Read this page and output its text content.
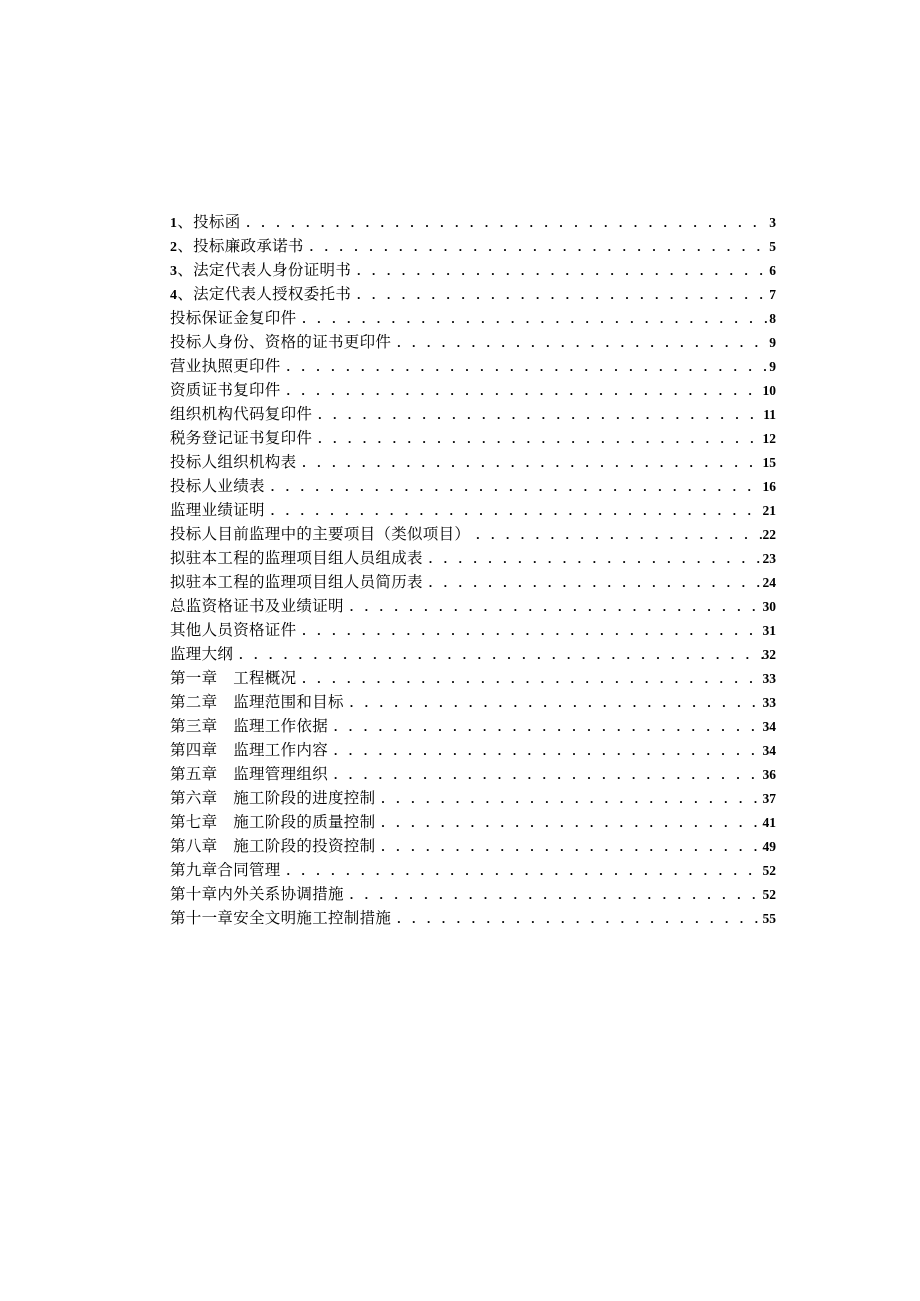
1、投标函 . . .	3
2、投标廉政承诺书 . . .	5
3、法定代表人身份证明书 . . .	6
4、法定代表人授权委托书 . . .	7
投标保证金复印件 . . .	8
投标人身份、资格的证书更印件 . . .	9
营业执照更印件 . . .	9
资质证书复印件 . . .	10
组织机构代码复印件 . . .	11
税务登记证书复印件 . . .	12
投标人组织机构表 . . .	15
投标人业绩表 . . .	16
监理业绩证明 . . .	21
投标人目前监理中的主要项目（类似项目） . . .	22
拟驻本工程的监理项目组人员组成表 . . .	23
拟驻本工程的监理项目组人员简历表 . . .	24
总监资格证书及业绩证明 . . .	30
其他人员资格证件 . . .	31
监理大纲 . . .	32
第一章　工程概况 . . .	33
第二章　监理范围和目标 . . .	33
第三章　监理工作依据 . . .	34
第四章　监理工作内容 . . .	34
第五章　监理管理组织 . . .	36
第六章　施工阶段的进度控制 . . .	37
第七章　施工阶段的质量控制 . . .	41
第八章　施工阶段的投资控制 . . .	49
第九章合同管理 . . .	52
第十章内外关系协调措施 . . .	52
第十一章安全文明施工控制措施 . . .	55
